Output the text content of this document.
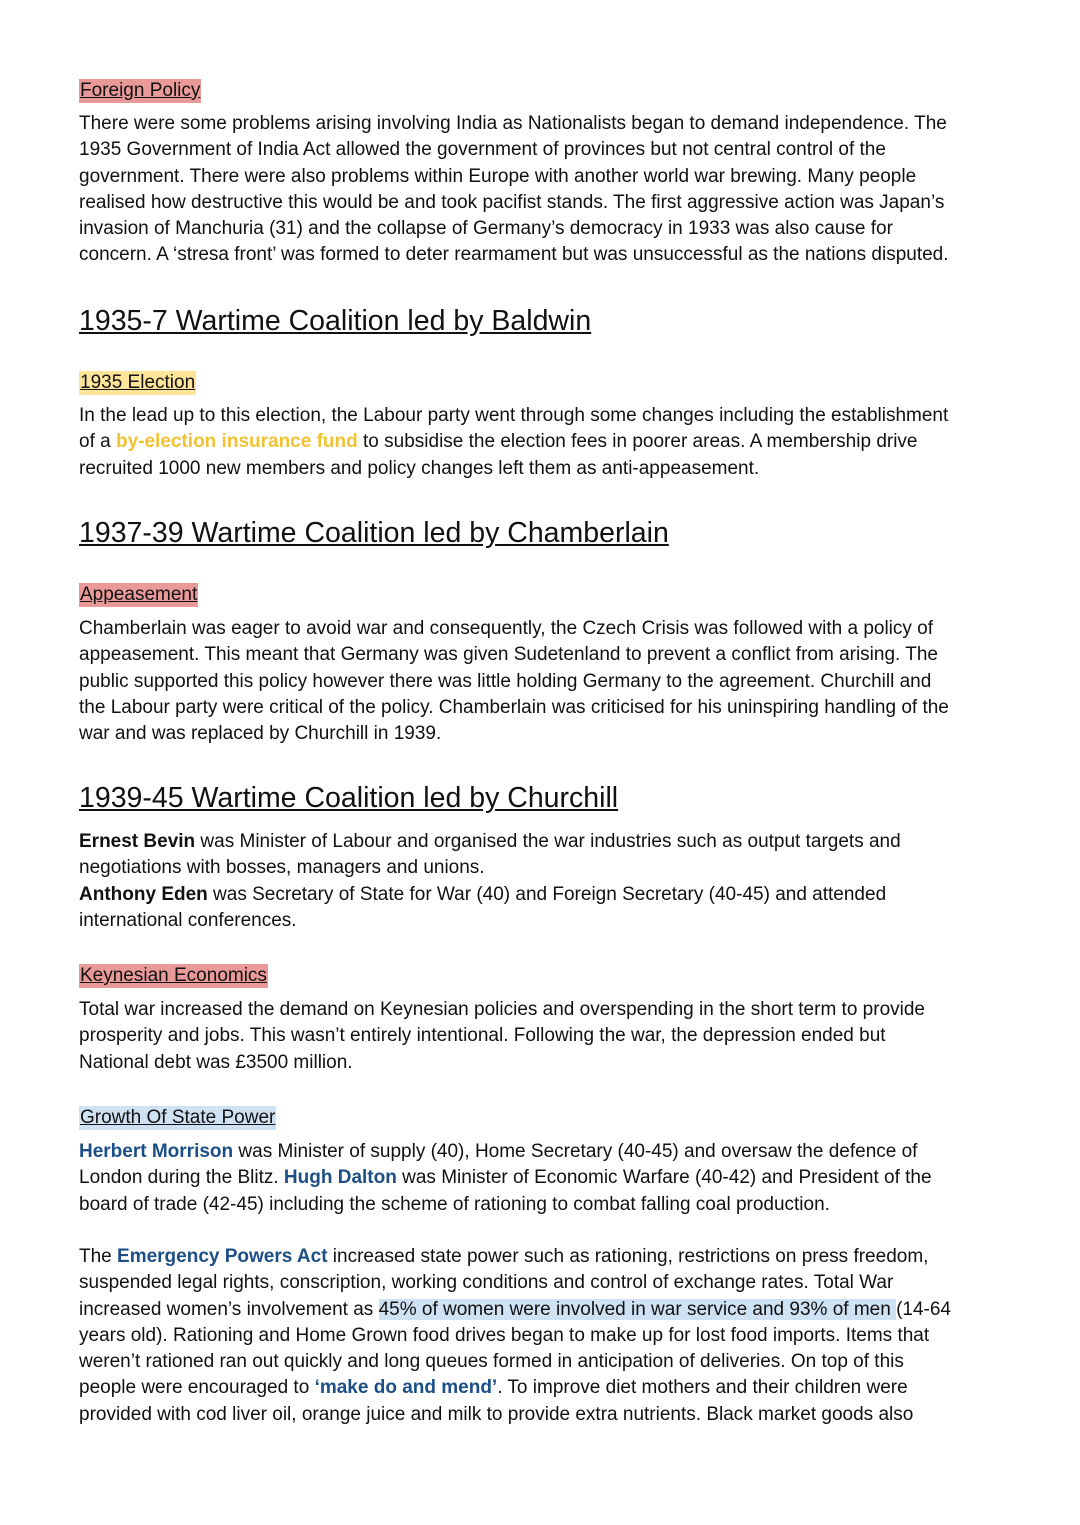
Foreign Policy

There were some problems arising involving India as Nationalists began to demand independence. The

1935 Government of India Act allowed the government of provinces but not central control of the

government. There were also problems within Europe with another world war brewing. Many people

realised how destructive this would be and took pacifist stands. The first aggressive action was Japan’s

invasion of Manchuria (31) and the collapse of Germany’s democracy in 1933 was also cause for

concern. A ‘stresa front’ was formed to deter rearmament but was unsuccessful as the nations disputed.

1935-7 Wartime Coalition led by Baldwin

1935 Election

In the lead up to this election, the Labour party went through some changes including the establishment

of a by-election insurance fund to subsidise the election fees in poorer areas. A membership drive

recruited 1000 new members and policy changes left them as anti-appeasement.

1937-39 Wartime Coalition led by Chamberlain

Appeasement

Chamberlain was eager to avoid war and consequently, the Czech Crisis was followed with a policy of

appeasement. This meant that Germany was given Sudetenland to prevent a conflict from arising. The

public supported this policy however there was little holding Germany to the agreement. Churchill and

the Labour party were critical of the policy. Chamberlain was criticised for his uninspiring handling of the

war and was replaced by Churchill in 1939.

1939-45 Wartime Coalition led by Churchill

Ernest Bevin was Minister of Labour and organised the war industries such as output targets and

negotiations with bosses, managers and unions.

Anthony Eden was Secretary of State for War (40) and Foreign Secretary (40-45) and attended

international conferences.

Keynesian Economics

Total war increased the demand on Keynesian policies and overspending in the short term to provide

prosperity and jobs. This wasn’t entirely intentional. Following the war, the depression ended but

National debt was £3500 million.

Growth Of State Power

Herbert Morrison was Minister of supply (40), Home Secretary (40-45) and oversaw the defence of

London during the Blitz. Hugh Dalton was Minister of Economic Warfare (40-42) and President of the

board of trade (42-45) including the scheme of rationing to combat falling coal production.

The Emergency Powers Act increased state power such as rationing, restrictions on press freedom,

suspended legal rights, conscription, working conditions and control of exchange rates. Total War

increased women’s involvement as 45% of women were involved in war service and 93% of men (14-64

years old). Rationing and Home Grown food drives began to make up for lost food imports. Items that

weren’t rationed ran out quickly and long queues formed in anticipation of deliveries. On top of this

people were encouraged to ‘make do and mend’. To improve diet mothers and their children were

provided with cod liver oil, orange juice and milk to provide extra nutrients. Black market goods also
